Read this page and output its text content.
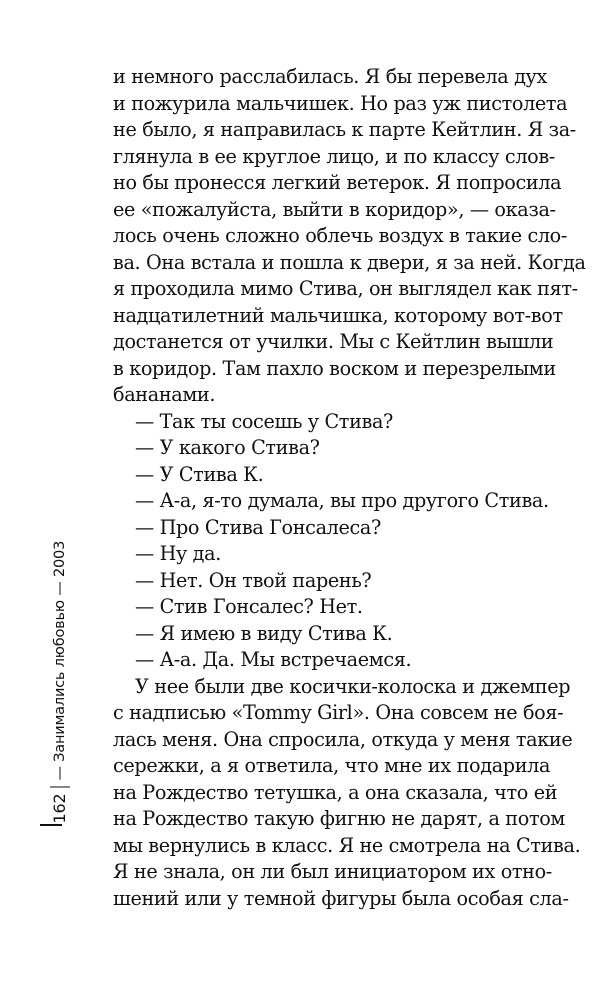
и немного расслабилась. Я бы перевела дух
и пожурила мальчишек. Но раз уж пистолета
не было, я направилась к парте Кейтлин. Я за-
глянула в ее круглое лицо, и по классу слов-
но бы пронесся легкий ветерок. Я попросила
ее «пожалуйста, выйти в коридор», — оказа-
лось очень сложно облечь воздух в такие сло-
ва. Она встала и пошла к двери, я за ней. Когда
я проходила мимо Стива, он выглядел как пят-
надцатилетний мальчишка, которому вот-вот
достанется от училки. Мы с Кейтлин вышли
в коридор. Там пахло воском и перезрелыми
бананами.
— Так ты сосешь у Стива?
— У какого Стива?
— У Стива К.
— А-а, я-то думала, вы про другого Стива.
— Про Стива Гонсалеса?
— Ну да.
— Нет. Он твой парень?
— Стив Гонсалес? Нет.
— Я имею в виду Стива К.
— А-а. Да. Мы встречаемся.
У нее были две косички-колоска и джемпер
с надписью «Tommy Girl». Она совсем не боя-
лась меня. Она спросила, откуда у меня такие
сережки, а я ответила, что мне их подарила
на Рождество тетушка, а она сказала, что ей
на Рождество такую фигню не дарят, а потом
мы вернулись в класс. Я не смотрела на Стива.
Я не знала, он ли был инициатором их отно-
шений или у темной фигуры была особая сла-
162
— Занимались любовью — 2003
